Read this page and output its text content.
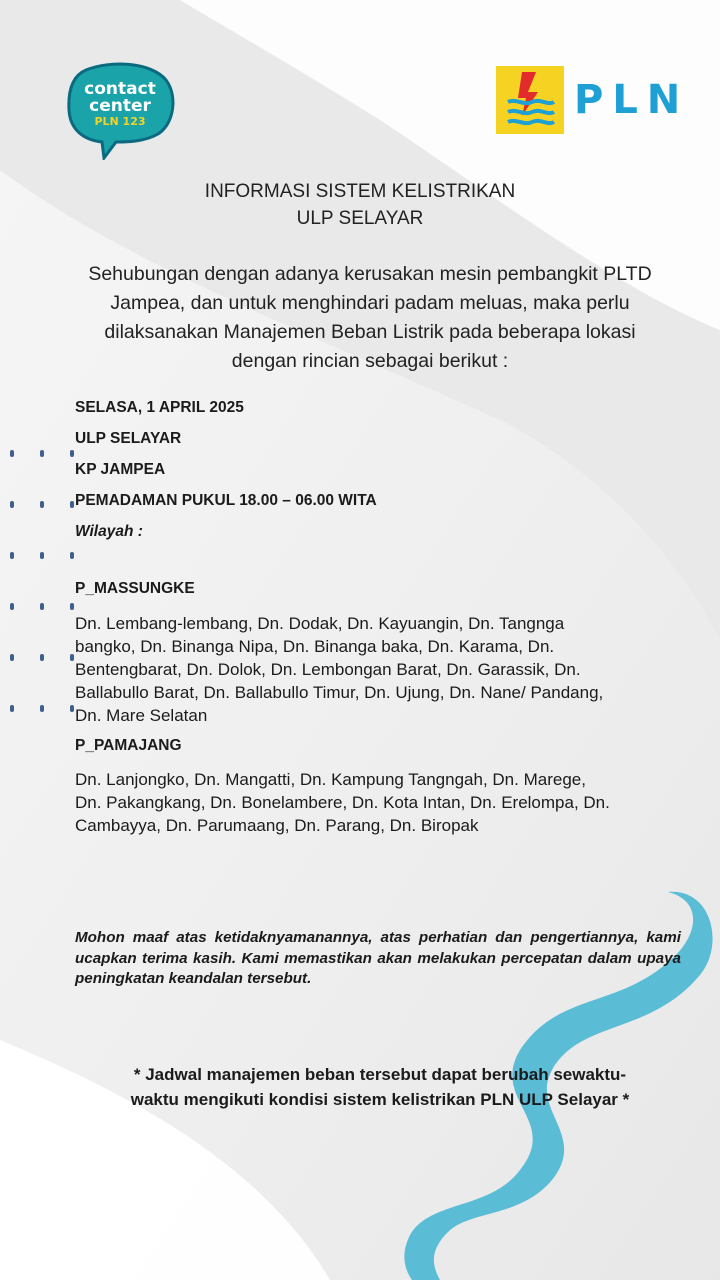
contact
center
PLN 123	PLN
INFORMASI SISTEM KELISTRIKAN
ULP SELAYAR
Sehubungan dengan adanya kerusakan mesin pembangkit PLTD
Jampea, dan untuk menghindari padam meluas, maka perlu
dilaksanakan Manajemen Beban Listrik pada beberapa lokasi
dengan rincian sebagai berikut :
SELASA, 1 APRIL 2025
ULP SELAYAR
KP JAMPEA
PEMADAMAN PUKUL 18.00 – 06.00 WITA
Wilayah :
P_MASSUNGKE
Dn. Lembang-lembang, Dn. Dodak, Dn. Kayuangin, Dn. Tangnga
bangko, Dn. Binanga Nipa, Dn. Binanga baka, Dn. Karama, Dn.
Bentengbarat, Dn. Dolok, Dn. Lembongan Barat, Dn. Garassik, Dn.
Ballabullo Barat, Dn. Ballabullo Timur, Dn. Ujung, Dn. Nane/ Pandang,
Dn. Mare Selatan
P_PAMAJANG
Dn. Lanjongko, Dn. Mangatti, Dn. Kampung Tangngah, Dn. Marege,
Dn. Pakangkang, Dn. Bonelambere, Dn. Kota Intan, Dn. Erelompa, Dn.
Cambayya, Dn. Parumaang, Dn. Parang, Dn. Biropak
Mohon maaf atas ketidaknyamanannya, atas perhatian dan pengertiannya, kami ucapkan terima kasih. Kami memastikan akan melakukan percepatan dalam upaya peningkatan keandalan tersebut.
* Jadwal manajemen beban tersebut dapat berubah sewaktu-
waktu mengikuti kondisi sistem kelistrikan PLN ULP Selayar *
